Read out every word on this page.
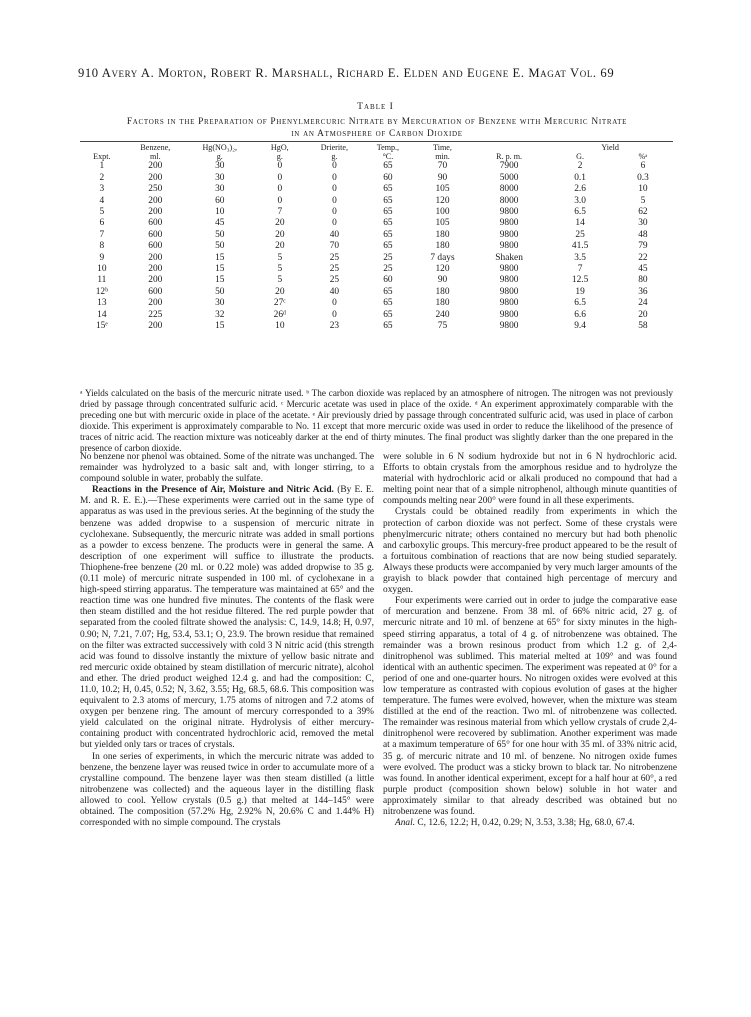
910 Avery A. Morton, Robert R. Marshall, Richard E. Elden and Eugene E. Magat Vol. 69
Table I
Factors in the Preparation of Phenylmercuric Nitrate by Mercuration of Benzene with Mercuric Nitrate
in an Atmosphere of Carbon Dioxide
	Benzene,	Hg(NO₃)₂,	HgO,	Drierite,	Temp.,	Time,		Yield	
Expt.	ml.	g.	g.	g.	°C.	min.	R. p. m.	G.	%ᵃ
1	200	30	0	0	65	70	7900	2	6
2	200	30	0	0	60	90	5000	0.1	0.3
3	250	30	0	0	65	105	8000	2.6	10
4	200	60	0	0	65	120	8000	3.0	5
5	200	10	7	0	65	100	9800	6.5	62
6	600	45	20	0	65	105	9800	14	30
7	600	50	20	40	65	180	9800	25	48
8	600	50	20	70	65	180	9800	41.5	79
9	200	15	5	25	25	7 days	Shaken	3.5	22
10	200	15	5	25	25	120	9800	7	45
11	200	15	5	25	60	90	9800	12.5	80
12ᵇ	600	50	20	40	65	180	9800	19	36
13	200	30	27ᶜ	0	65	180	9800	6.5	24
14	225	32	26ᵈ	0	65	240	9800	6.6	20
15ᵉ	200	15	10	23	65	75	9800	9.4	58

ᵃ Yields calculated on the basis of the mercuric nitrate used. ᵇ The carbon dioxide was replaced by an atmosphere of nitrogen. The nitrogen was not previously dried by passage through concentrated sulfuric acid. ᶜ Mercuric acetate was used in place of the oxide. ᵈ An experiment approximately comparable with the preceding one but with mercuric oxide in place of the acetate. ᵉ Air previously dried by passage through concentrated sulfuric acid, was used in place of carbon dioxide. This experiment is approximately comparable to No. 11 except that more mercuric oxide was used in order to reduce the likelihood of the presence of traces of nitric acid. The reaction mixture was noticeably darker at the end of thirty minutes. The final product was slightly darker than the one prepared in the presence of carbon dioxide.

No benzene nor phenol was obtained. Some of the nitrate was unchanged. The remainder was hydrolyzed to a basic salt and, with longer stirring, to a compound soluble in water, probably the sulfate.

Reactions in the Presence of Air, Moisture and Nitric Acid. (By E. E. M. and R. E. E.).—These experiments were carried out in the same type of apparatus as was used in the previous series. At the beginning of the study the benzene was added dropwise to a suspension of mercuric nitrate in cyclohexane. Subsequently, the mercuric nitrate was added in small portions as a powder to excess benzene. The products were in general the same. A description of one experiment will suffice to illustrate the products. Thiophene-free benzene (20 ml. or 0.22 mole) was added dropwise to 35 g. (0.11 mole) of mercuric nitrate suspended in 100 ml. of cyclohexane in a high-speed stirring apparatus. The temperature was maintained at 65° and the reaction time was one hundred five minutes. The contents of the flask were then steam distilled and the hot residue filtered. The red purple powder that separated from the cooled filtrate showed the analysis: C, 14.9, 14.8; H, 0.97, 0.90; N, 7.21, 7.07; Hg, 53.4, 53.1; O, 23.9. The brown residue that remained on the filter was extracted successively with cold 3 N nitric acid (this strength acid was found to dissolve instantly the mixture of yellow basic nitrate and red mercuric oxide obtained by steam distillation of mercuric nitrate), alcohol and ether. The dried product weighed 12.4 g. and had the composition: C, 11.0, 10.2; H, 0.45, 0.52; N, 3.62, 3.55; Hg, 68.5, 68.6. This composition was equivalent to 2.3 atoms of mercury, 1.75 atoms of nitrogen and 7.2 atoms of oxygen per benzene ring. The amount of mercury corresponded to a 39% yield calculated on the original nitrate. Hydrolysis of either mercury-containing product with concentrated hydrochloric acid, removed the metal but yielded only tars or traces of crystals.

In one series of experiments, in which the mercuric nitrate was added to benzene, the benzene layer was reused twice in order to accumulate more of a crystalline compound. The benzene layer was then steam distilled (a little nitrobenzene was collected) and the aqueous layer in the distilling flask allowed to cool. Yellow crystals (0.5 g.) that melted at 144–145° were obtained. The composition (57.2% Hg, 2.92% N, 20.6% C and 1.44% H) corresponded with no simple compound. The crystals

were soluble in 6 N sodium hydroxide but not in 6 N hydrochloric acid. Efforts to obtain crystals from the amorphous residue and to hydrolyze the material with hydrochloric acid or alkali produced no compound that had a melting point near that of a simple nitrophenol, although minute quantities of compounds melting near 200° were found in all these experiments.

Crystals could be obtained readily from experiments in which the protection of carbon dioxide was not perfect. Some of these crystals were phenylmercuric nitrate; others contained no mercury but had both phenolic and carboxylic groups. This mercury-free product appeared to be the result of a fortuitous combination of reactions that are now being studied separately. Always these products were accompanied by very much larger amounts of the grayish to black powder that contained high percentage of mercury and oxygen.

Four experiments were carried out in order to judge the comparative ease of mercuration and benzene. From 38 ml. of 66% nitric acid, 27 g. of mercuric nitrate and 10 ml. of benzene at 65° for sixty minutes in the high-speed stirring apparatus, a total of 4 g. of nitrobenzene was obtained. The remainder was a brown resinous product from which 1.2 g. of 2,4-dinitrophenol was sublimed. This material melted at 109° and was found identical with an authentic specimen. The experiment was repeated at 0° for a period of one and one-quarter hours. No nitrogen oxides were evolved at this low temperature as contrasted with copious evolution of gases at the higher temperature. The fumes were evolved, however, when the mixture was steam distilled at the end of the reaction. Two ml. of nitrobenzene was collected. The remainder was resinous material from which yellow crystals of crude 2,4-dinitrophenol were recovered by sublimation. Another experiment was made at a maximum temperature of 65° for one hour with 35 ml. of 33% nitric acid, 35 g. of mercuric nitrate and 10 ml. of benzene. No nitrogen oxide fumes were evolved. The product was a sticky brown to black tar. No nitrobenzene was found. In another identical experiment, except for a half hour at 60°, a red purple product (composition shown below) soluble in hot water and approximately similar to that already described was obtained but no nitrobenzene was found.

Anal. C, 12.6, 12.2; H, 0.42, 0.29; N, 3.53, 3.38; Hg, 68.0, 67.4.
